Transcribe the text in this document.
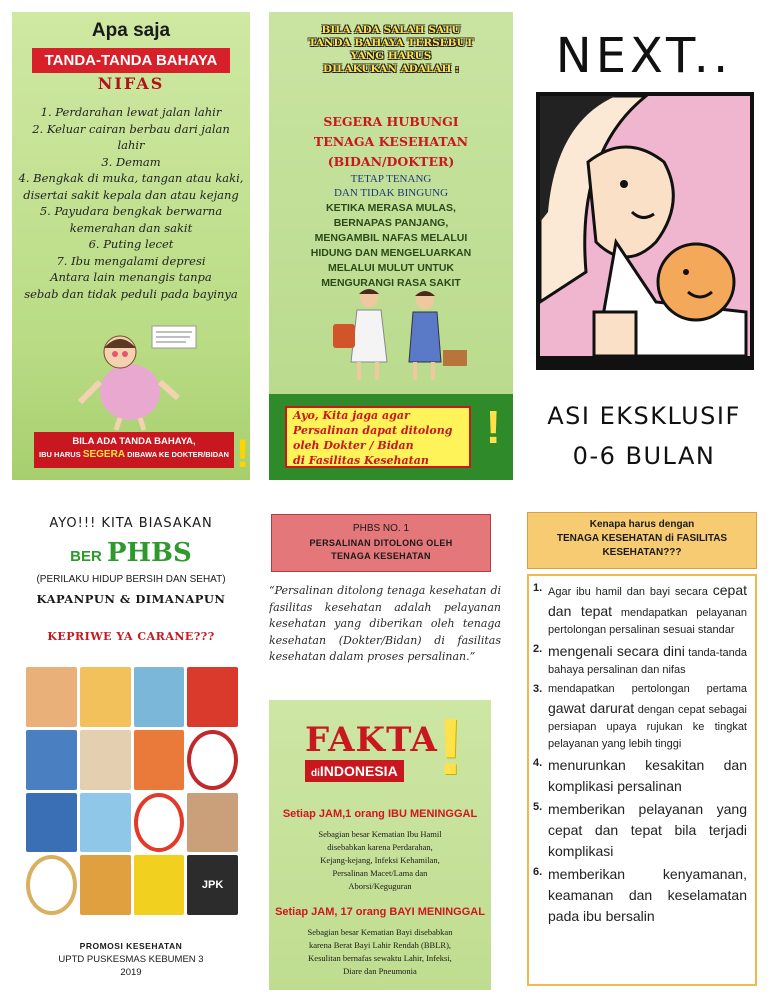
Apa saja
TANDA-TANDA BAHAYA
NIFAS
1. Perdarahan lewat jalan lahir
2. Keluar cairan berbau dari jalan lahir
3. Demam
4. Bengkak di muka, tangan atau kaki,
disertai sakit kepala dan atau kejang
5. Payudara bengkak berwarna
kemerahan dan sakit
6. Puting lecet
7. Ibu mengalami depresi
Antara lain menangis tanpa
sebab dan tidak peduli pada bayinya
BILA ADA TANDA BAHAYA,
IBU HARUS SEGERA DIBAWA KE DOKTER/BIDAN !
BILA ADA SALAH SATU
TANDA BAHAYA TERSEBUT
YANG HARUS
DILAKUKAN ADALAH :
SEGERA HUBUNGI
TENAGA KESEHATAN
(BIDAN/DOKTER)
TETAP TENANG
DAN TIDAK BINGUNG
KETIKA MERASA MULAS,
BERNAPAS PANJANG,
MENGAMBIL NAFAS MELALUI
HIDUNG DAN MENGELUARKAN
MELALUI MULUT UNTUK
MENGURANGI RASA SAKIT
Ayo, Kita jaga agar
Persalinan dapat ditolong
oleh Dokter / Bidan
di Fasilitas Kesehatan
!
NEXT..
ASI EKSKLUSIF
0-6 BULAN
AYO!!! KITA BIASAKAN
BER PHBS
(PERILAKU HIDUP BERSIH DAN SEHAT)
KAPANPUN & DIMANAPUN
KEPRIWE YA CARANE???
JPK
PROMOSI KESEHATAN
UPTD PUSKESMAS KEBUMEN 3
2019
PHBS NO. 1
PERSALINAN DITOLONG OLEH
TENAGA KESEHATAN

“Persalinan ditolong tenaga kesehatan di fasilitas kesehatan adalah pelayanan kesehatan yang diberikan oleh tenaga kesehatan (Dokter/Bidan) di fasilitas kesehatan dalam proses persalinan.”

FAKTA
diINDONESIA !
Setiap JAM,1 orang IBU MENINGGAL
Sebagian besar Kematian Ibu Hamil
disebabkan karena Perdarahan,
Kejang-kejang, Infeksi Kehamilan,
Persalinan Macet/Lama dan
Aborsi/Keguguran
Setiap JAM, 17 orang BAYI MENINGGAL
Sebagian besar Kematian Bayi disebabkan
karena Berat Bayi Lahir Rendah (BBLR),
Kesulitan bernafas sewaktu Lahir, Infeksi,
Diare dan Pneumonia
Kenapa harus dengan
TENAGA KESEHATAN di FASILITAS
KESEHATAN???
1. Agar ibu hamil dan bayi secara cepat dan tepat mendapatkan pelayanan pertolongan persalinan sesuai standar
2. mengenali secara dini tanda-tanda bahaya persalinan dan nifas
3. mendapatkan pertolongan pertama gawat darurat dengan cepat sebagai persiapan upaya rujukan ke tingkat pelayanan yang lebih tinggi
4. menurunkan kesakitan dan komplikasi persalinan
5. memberikan pelayanan yang cepat dan tepat bila terjadi komplikasi
6. memberikan kenyamanan, keamanan dan keselamatan pada ibu bersalin
